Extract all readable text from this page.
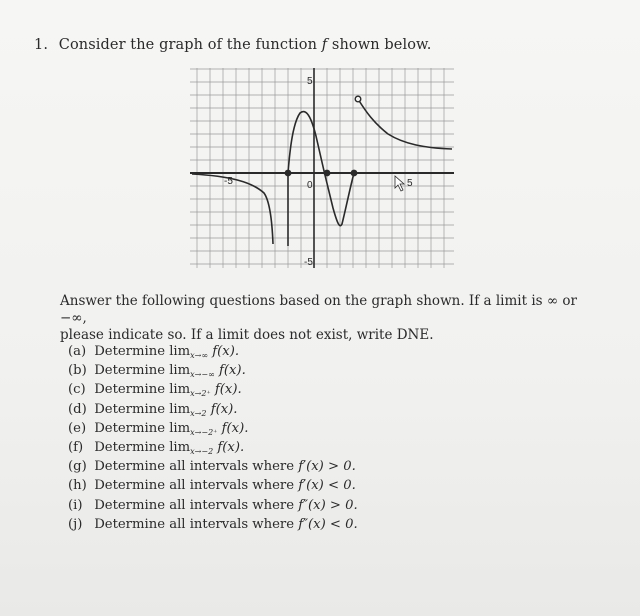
1. Consider the graph of the function f shown below.
-5	0	5
5
-5
Answer the following questions based on the graph shown. If a limit is ∞ or −∞,
please indicate so. If a limit does not exist, write DNE.
(a) Determine $\lim_{x\to\infty} f(x)$.
(b) Determine $\lim_{x\to-\infty} f(x)$.
(c) Determine $\lim_{x\to 2^+} f(x)$.
(d) Determine $\lim_{x\to 2} f(x)$.
(e) Determine $\lim_{x\to-2^+} f(x)$.
(f) Determine $\lim_{x\to-2} f(x)$.
(g) Determine all intervals where f′(x) > 0.
(h) Determine all intervals where f′(x) < 0.
(i) Determine all intervals where f″(x) > 0.
(j) Determine all intervals where f″(x) < 0.
